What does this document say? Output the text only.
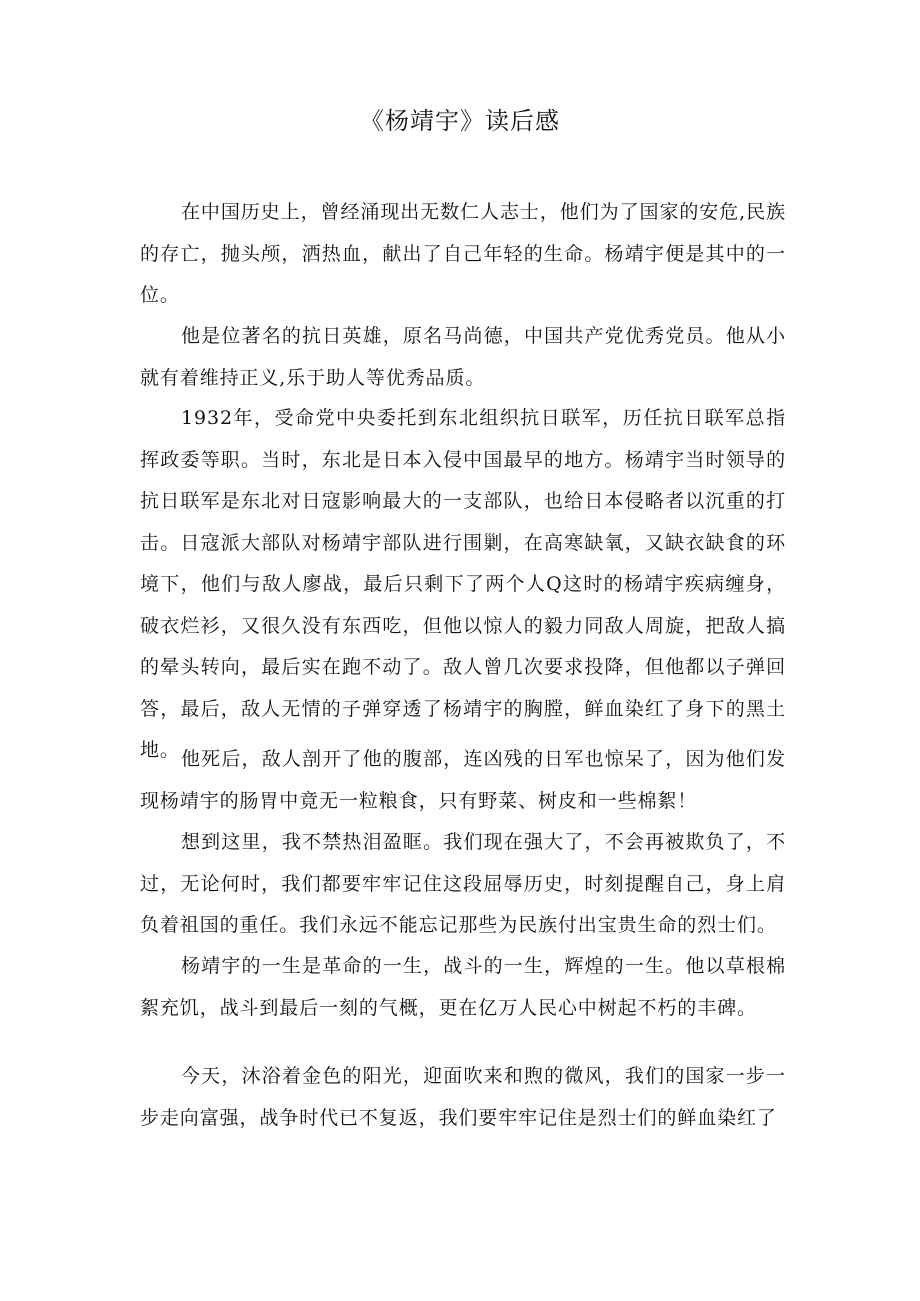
《杨靖宇》读后感

在中国历史上，曾经涌现出无数仁人志士，他们为了国家的安危,民族的存亡，抛头颅，洒热血，献出了自己年轻的生命。杨靖宇便是其中的一位。

他是位著名的抗日英雄，原名马尚德，中国共产党优秀党员。他从小就有着维持正义,乐于助人等优秀品质。

1932年，受命党中央委托到东北组织抗日联军，历任抗日联军总指挥政委等职。当时，东北是日本入侵中国最早的地方。杨靖宇当时领导的抗日联军是东北对日寇影响最大的一支部队，也给日本侵略者以沉重的打击。日寇派大部队对杨靖宇部队进行围剿，在高寒缺氧，又缺衣缺食的环境下，他们与敌人廖战，最后只剩下了两个人Q这时的杨靖宇疾病缠身，破衣烂衫，又很久没有东西吃，但他以惊人的毅力同敌人周旋，把敌人搞的晕头转向，最后实在跑不动了。敌人曾几次要求投降，但他都以子弹回答，最后，敌人无情的子弹穿透了杨靖宇的胸膛，鲜血染红了身下的黑土地。 他死后，敌人剖开了他的腹部，连凶残的日军也惊呆了，因为他们发现杨靖宇的肠胃中竟无一粒粮食，只有野菜、树皮和一些棉絮！

想到这里，我不禁热泪盈眶。我们现在强大了，不会再被欺负了，不过，无论何时，我们都要牢牢记住这段屈辱历史，时刻提醒自己，身上肩负着祖国的重任。我们永远不能忘记那些为民族付出宝贵生命的烈士们。

杨靖宇的一生是革命的一生，战斗的一生，辉煌的一生。他以草根棉絮充饥，战斗到最后一刻的气概，更在亿万人民心中树起不朽的丰碑。

今天，沐浴着金色的阳光，迎面吹来和煦的微风，我们的国家一步一步走向富强，战争时代已不复返，我们要牢牢记住是烈士们的鲜血染红了
